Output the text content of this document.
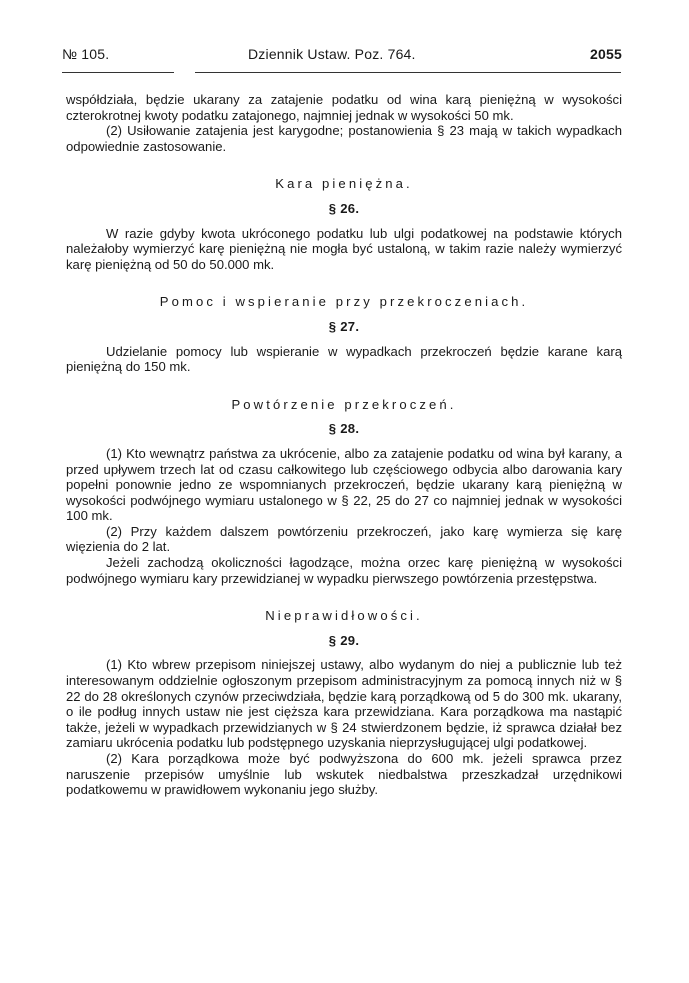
№ 105.	Dziennik Ustaw. Poz. 764.	2055

współdziała, będzie ukarany za zatajenie podatku od wina karą pieniężną w wysokości czterokrotnej kwoty podatku zatajonego, najmniej jednak w wysokości 50 mk.

(2) Usiłowanie zatajenia jest karygodne; postanowienia § 23 mają w takich wypadkach odpowiednie zastosowanie.

Kara pieniężna.

§ 26.

W razie gdyby kwota ukróconego podatku lub ulgi podatkowej na podstawie których należałoby wymierzyć karę pieniężną nie mogła być ustaloną, w takim razie należy wymierzyć karę pieniężną od 50 do 50.000 mk.

Pomoc i wspieranie przy przekroczeniach.

§ 27.

Udzielanie pomocy lub wspieranie w wypadkach przekroczeń będzie karane karą pieniężną do 150 mk.

Powtórzenie przekroczeń.

§ 28.

(1) Kto wewnątrz państwa za ukrócenie, albo za zatajenie podatku od wina był karany, a przed upływem trzech lat od czasu całkowitego lub częściowego odbycia albo darowania kary popełni ponownie jedno ze wspomnianych przekroczeń, będzie ukarany karą pieniężną w wysokości podwójnego wymiaru ustalonego w § 22, 25 do 27 co najmniej jednak w wysokości 100 mk.

(2) Przy każdem dalszem powtórzeniu przekroczeń, jako karę wymierza się karę więzienia do 2 lat.

Jeżeli zachodzą okoliczności łagodzące, można orzec karę pieniężną w wysokości podwójnego wymiaru kary przewidzianej w wypadku pierwszego powtórzenia przestępstwa.

Nieprawidłowości.

§ 29.

(1) Kto wbrew przepisom niniejszej ustawy, albo wydanym do niej a publicznie lub też interesowanym oddzielnie ogłoszonym przepisom administracyjnym za pomocą innych niż w § 22 do 28 określonych czynów przeciwdziała, będzie karą porządkową od 5 do 300 mk. ukarany, o ile podług innych ustaw nie jest cięższa kara przewidziana. Kara porządkowa ma nastąpić także, jeżeli w wypadkach przewidzianych w § 24 stwierdzonem będzie, iż sprawca działał bez zamiaru ukrócenia podatku lub podstępnego uzyskania nieprzysługującej ulgi podatkowej.

(2) Kara porządkowa może być podwyższona do 600 mk. jeżeli sprawca przez naruszenie przepisów umyślnie lub wskutek niedbalstwa przeszkadzał urzędnikowi podatkowemu w prawidłowem wykonaniu jego służby.
